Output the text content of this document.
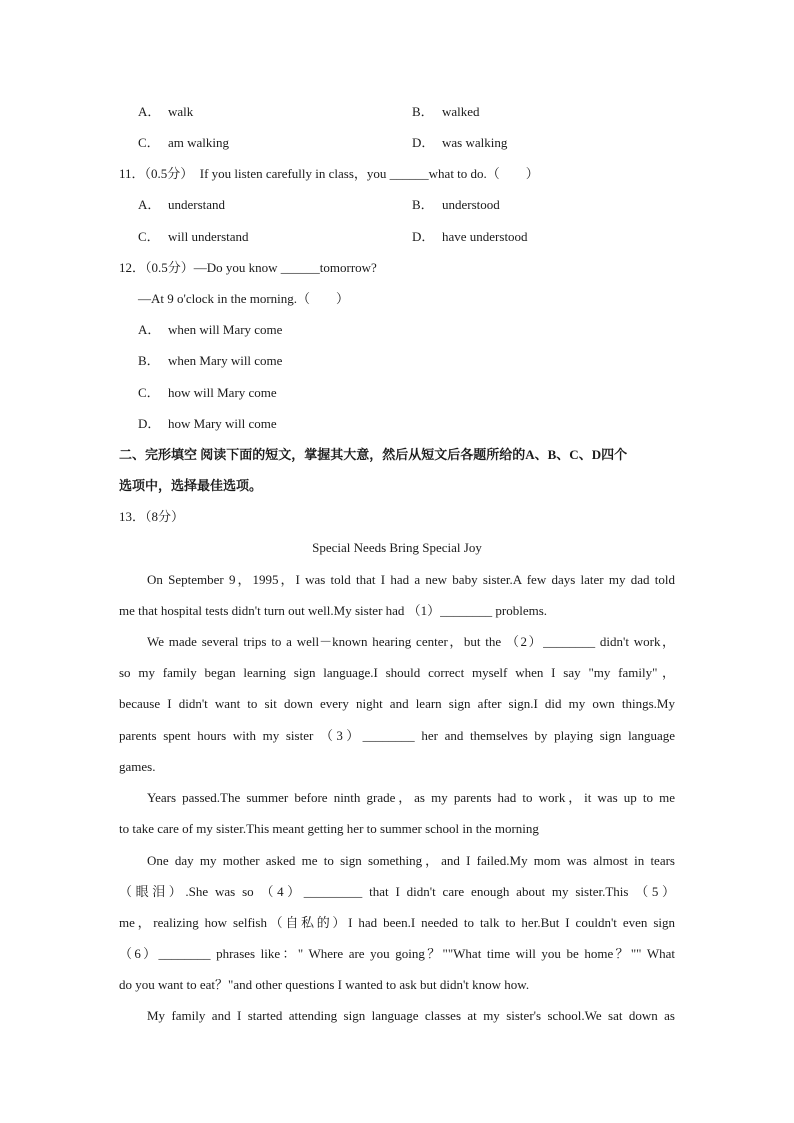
A． walk	B． walked
C． am walking	D． was walking
11．（0.5分）　If you listen carefully in class，you ______what to do.（　　）
A． understand	B． understood
C． will understand	D． have understood
12．（0.5分）—Do you know ______tomorrow?
—At 9 o'clock in the morning.（　　）
A． when will Mary come
B． when Mary will come
C． how will Mary come
D． how Mary will come
二、完形填空 阅读下面的短文，掌握其大意，然后从短文后各题所给的A、B、C、D四个
选项中，选择最佳选项。
13．（8分）
Special Needs Bring Special Joy
On September 9，1995，I was told that I had a new baby sister.A few days later my dad told
me that hospital tests didn't turn out well.My sister had （1）________ problems.
We made several trips to a well－known hearing center，but the （2）________ didn't work，
so my family began learning sign language.I should correct myself when I say "my family"，
because I didn't want to sit down every night and learn sign after sign.I did my own things.My
parents spent hours with my sister （3）________ her and themselves by playing sign language
games.
Years passed.The summer before ninth grade，as my parents had to work，it was up to me
to take care of my sister.This meant getting her to summer school in the morning
One day my mother asked me to sign something，and I failed.My mom was almost in tears
（眼泪）.She was so （4）_________ that I didn't care enough about my sister.This （5）
me，realizing how selfish（自私的）I had been.I needed to talk to her.But I couldn't even sign
（6）________ phrases like：" Where are you going？""What time will you be home？"" What
do you want to eat？"and other questions I wanted to ask but didn't know how.
My family and I started attending sign language classes at my sister's school.We sat down as
